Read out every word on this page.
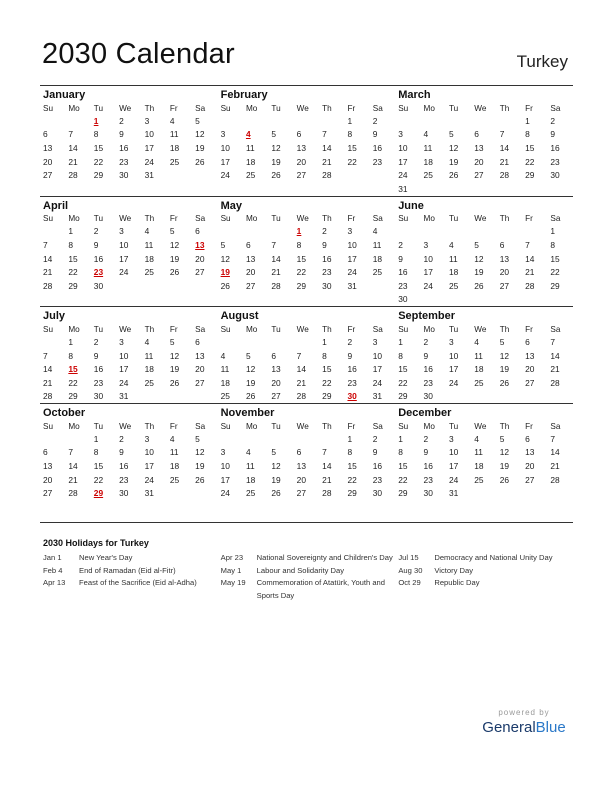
2030 Calendar	Turkey
January
Su	Mo	Tu	We	Th	Fr	Sa
		1	2	3	4	5
6	7	8	9	10	11	12
13	14	15	16	17	18	19
20	21	22	23	24	25	26
27	28	29	30	31		
February
Su	Mo	Tu	We	Th	Fr	Sa
					1	2
3	4	5	6	7	8	9
10	11	12	13	14	15	16
17	18	19	20	21	22	23
24	25	26	27	28		
March
Su	Mo	Tu	We	Th	Fr	Sa
					1	2
3	4	5	6	7	8	9
10	11	12	13	14	15	16
17	18	19	20	21	22	23
24	25	26	27	28	29	30
31						
April
Su	Mo	Tu	We	Th	Fr	Sa
	1	2	3	4	5	6
7	8	9	10	11	12	13
14	15	16	17	18	19	20
21	22	23	24	25	26	27
28	29	30				
May
Su	Mo	Tu	We	Th	Fr	Sa
			1	2	3	4
5	6	7	8	9	10	11
12	13	14	15	16	17	18
19	20	21	22	23	24	25
26	27	28	29	30	31	
June
Su	Mo	Tu	We	Th	Fr	Sa
						1
2	3	4	5	6	7	8
9	10	11	12	13	14	15
16	17	18	19	20	21	22
23	24	25	26	27	28	29
30						
July
Su	Mo	Tu	We	Th	Fr	Sa
	1	2	3	4	5	6
7	8	9	10	11	12	13
14	15	16	17	18	19	20
21	22	23	24	25	26	27
28	29	30	31			
August
Su	Mo	Tu	We	Th	Fr	Sa
				1	2	3
4	5	6	7	8	9	10
11	12	13	14	15	16	17
18	19	20	21	22	23	24
25	26	27	28	29	30	31
September
Su	Mo	Tu	We	Th	Fr	Sa
1	2	3	4	5	6	7
8	9	10	11	12	13	14
15	16	17	18	19	20	21
22	23	24	25	26	27	28
29	30					
October
Su	Mo	Tu	We	Th	Fr	Sa
		1	2	3	4	5
6	7	8	9	10	11	12
13	14	15	16	17	18	19
20	21	22	23	24	25	26
27	28	29	30	31		
November
Su	Mo	Tu	We	Th	Fr	Sa
					1	2
3	4	5	6	7	8	9
10	11	12	13	14	15	16
17	18	19	20	21	22	23
24	25	26	27	28	29	30
December
Su	Mo	Tu	We	Th	Fr	Sa
1	2	3	4	5	6	7
8	9	10	11	12	13	14
15	16	17	18	19	20	21
22	23	24	25	26	27	28
29	30	31				
2030 Holidays for Turkey
Jan 1	New Year's Day
Feb 4	End of Ramadan (Eid al-Fitr)
Apr 13	Feast of the Sacrifice (Eid al-Adha)
Apr 23	National Sovereignty and Children's Day
May 1	Labour and Solidarity Day
May 19	Commemoration of Atatürk, Youth and Sports Day
Jul 15	Democracy and National Unity Day
Aug 30	Victory Day
Oct 29	Republic Day
powered by
GeneralBlue
